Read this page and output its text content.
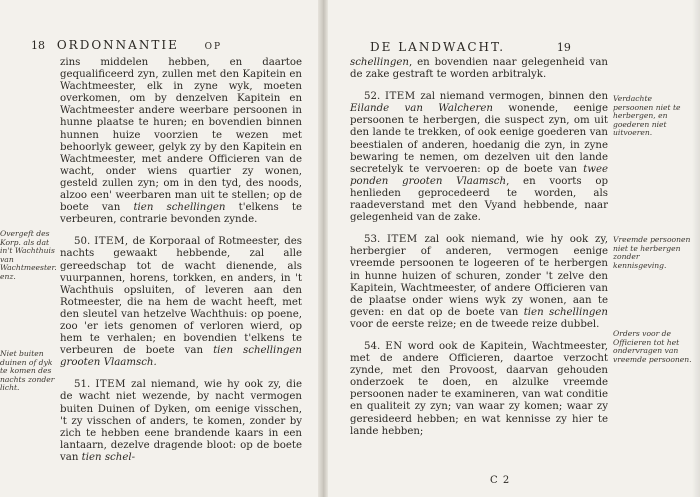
18 ORDONNANTIE	OP
Overgeft des Korp. als dat in't Wachthuis van Wachtmeester. enz.
Niet buiten duinen of dyk te komen des nachts zonder licht.

zins middelen hebben, en daartoe gequalificeerd zyn, zullen met den Kapitein en Wachtmeester, elk in zyne wyk, moeten overkomen, om by denzelven Kapitein en Wachtmeester andere weerbare persoonen in hunne plaatse te huren; en bovendien binnen hunnen huize voorzien te wezen met behoorlyk geweer, gelyk zy by den Kapitein en Wachtmeester, met andere Officieren van de wacht, onder wiens quartier zy wonen, gesteld zullen zyn; om in den tyd, des noods, alzoo een' weerbaren man uit te stellen; op de boete van tien schellingen t'elkens te verbeuren, contrarie bevonden zynde.

50. ITEM, de Korporaal of Rotmeester, des nachts gewaakt hebbende, zal alle gereedschap tot de wacht dienende, als vuurpannen, horens, torkken, en anders, in 't Wachthuis opsluiten, of leveren aan den Rotmeester, die na hem de wacht heeft, met den sleutel van hetzelve Wachthuis: op poene, zoo 'er iets genomen of verloren wierd, op hem te verhalen; en bovendien t'elkens te verbeuren de boete van tien schellingen grooten Vlaamsch.

51. ITEM zal niemand, wie hy ook zy, die de wacht niet wezende, by nacht vermogen buiten Duinen of Dyken, om eenige visschen, 't zy visschen of anders, te komen, zonder by zich te hebben eene brandende kaars in een lantaarn, dezelve dragende bloot: op de boete van tien schel-

DE LANDWACHT.	19
Verdachte persoonen niet te herbergen, en goederen niet uitvoeren.
Vreemde persoonen niet te herbergen zonder kennisgeving.
Orders voor de Officieren tot het ondervragen van vreemde persoonen.

schellingen, en bovendien naar gelegenheid van de zake gestraft te worden arbitralyk.

52. ITEM zal niemand vermogen, binnen den Eilande van Walcheren wonende, eenige persoonen te herbergen, die suspect zyn, om uit den lande te trekken, of ook eenige goederen van beestialen of anderen, hoedanig die zyn, in zyne bewaring te nemen, om dezelven uit den lande secretelyk te vervoeren: op de boete van twee ponden grooten Vlaamsch, en voorts op henlieden geprocedeerd te worden, als raadeverstand met den Vyand hebbende, naar gelegenheid van de zake.

53. ITEM zal ook niemand, wie hy ook zy, herbergier of anderen, vermogen eenige vreemde persoonen te logeeren of te herbergen in hunne huizen of schuren, zonder 't zelve den Kapitein, Wachtmeester, of andere Officieren van de plaatse onder wiens wyk zy wonen, aan te geven: en dat op de boete van tien schellingen voor de eerste reize; en de tweede reize dubbel.

54. EN word ook de Kapitein, Wachtmeester, met de andere Officieren, daartoe verzocht zynde, met den Provoost, daarvan gehouden onderzoek te doen, en alzulke vreemde persoonen nader te examineren, van wat conditie en qualiteit zy zyn; van waar zy komen; waar zy geresideerd hebben; en wat kennisse zy hier te lande hebben;

C 2
